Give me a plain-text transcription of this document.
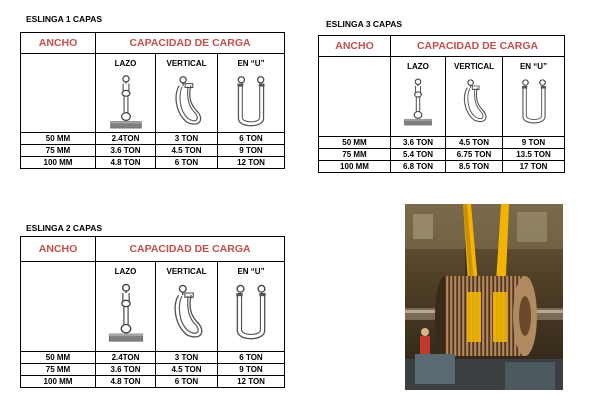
ESLINGA 1 CAPAS
ANCHO	CAPACIDAD DE CARGA		

	LAZO	VERTICAL	EN “U”

50 MM	2.4TON	3 TON	6 TON
75 MM	3.6 TON	4.5 TON	9 TON
100 MM	4.8 TON	6 TON	12 TON
ESLINGA 3 CAPAS
ANCHO	CAPACIDAD DE CARGA		

	LAZO	VERTICAL	EN “U”

50 MM	3.6 TON	4.5 TON	9 TON
75 MM	5.4 TON	6.75 TON	13.5 TON
100 MM	6.8 TON	8.5 TON	17 TON
ESLINGA 2 CAPAS
ANCHO	CAPACIDAD DE CARGA		

	LAZO	VERTICAL	EN “U”

50 MM	2.4TON	3 TON	6 TON
75 MM	3.6 TON	4.5 TON	9 TON
100 MM	4.8 TON	6 TON	12 TON
